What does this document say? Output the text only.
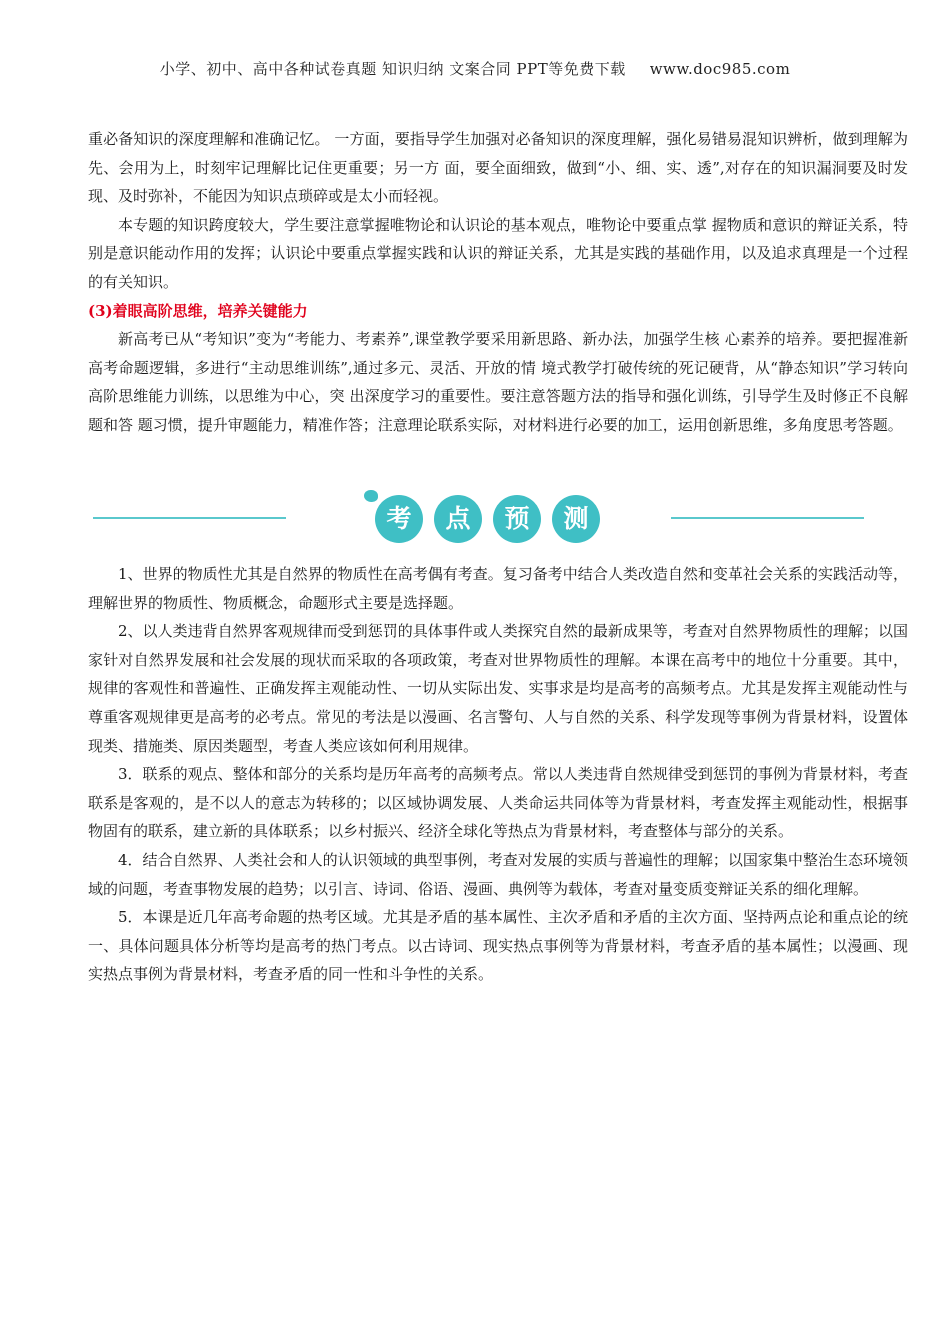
小学、初中、高中各种试卷真题 知识归纳 文案合同 PPT等免费下载 www.doc985.com

重必备知识的深度理解和准确记忆。 一方面，要指导学生加强对必备知识的深度理解，强化易错易混知识辨析，做到理解为先、会用为上，时刻牢记理解比记住更重要；另一方 面，要全面细致，做到“小、细、实、透”,对存在的知识漏洞要及时发现、及时弥补，不能因为知识点琐碎或是太小而轻视。

本专题的知识跨度较大，学生要注意掌握唯物论和认识论的基本观点，唯物论中要重点掌 握物质和意识的辩证关系，特别是意识能动作用的发挥；认识论中要重点掌握实践和认识的辩证关系，尤其是实践的基础作用，以及追求真理是一个过程的有关知识。

(3)着眼高阶思维，培养关键能力

新高考已从“考知识”变为“考能力、考素养”,课堂教学要采用新思路、新办法，加强学生核 心素养的培养。要把握准新高考命题逻辑，多进行“主动思维训练”,通过多元、灵活、开放的情 境式教学打破传统的死记硬背，从“静态知识”学习转向高阶思维能力训练，以思维为中心，突 出深度学习的重要性。要注意答题方法的指导和强化训练，引导学生及时修正不良解题和答 题习惯，提升审题能力，精准作答；注意理论联系实际，对材料进行必要的加工，运用创新思维，多角度思考答题。

考	点	预	测

1、世界的物质性尤其是自然界的物质性在高考偶有考查。复习备考中结合人类改造自然和变革社会关系的实践活动等，理解世界的物质性、物质概念，命题形式主要是选择题。

2、以人类违背自然界客观规律而受到惩罚的具体事件或人类探究自然的最新成果等，考查对自然界物质性的理解；以国家针对自然界发展和社会发展的现状而采取的各项政策，考查对世界物质性的理解。本课在高考中的地位十分重要。其中，规律的客观性和普遍性、正确发挥主观能动性、一切从实际出发、实事求是均是高考的高频考点。尤其是发挥主观能动性与尊重客观规律更是高考的必考点。常见的考法是以漫画、名言警句、人与自然的关系、科学发现等事例为背景材料，设置体现类、措施类、原因类题型，考查人类应该如何利用规律。

3．联系的观点、整体和部分的关系均是历年高考的高频考点。常以人类违背自然规律受到惩罚的事例为背景材料，考查联系是客观的，是不以人的意志为转移的；以区域协调发展、人类命运共同体等为背景材料，考查发挥主观能动性，根据事物固有的联系，建立新的具体联系；以乡村振兴、经济全球化等热点为背景材料，考查整体与部分的关系。

4．结合自然界、人类社会和人的认识领域的典型事例，考查对发展的实质与普遍性的理解；以国家集中整治生态环境领域的问题，考查事物发展的趋势；以引言、诗词、俗语、漫画、典例等为载体，考查对量变质变辩证关系的细化理解。

5．本课是近几年高考命题的热考区域。尤其是矛盾的基本属性、主次矛盾和矛盾的主次方面、坚持两点论和重点论的统一、具体问题具体分析等均是高考的热门考点。以古诗词、现实热点事例等为背景材料，考查矛盾的基本属性；以漫画、现实热点事例为背景材料，考查矛盾的同一性和斗争性的关系。
